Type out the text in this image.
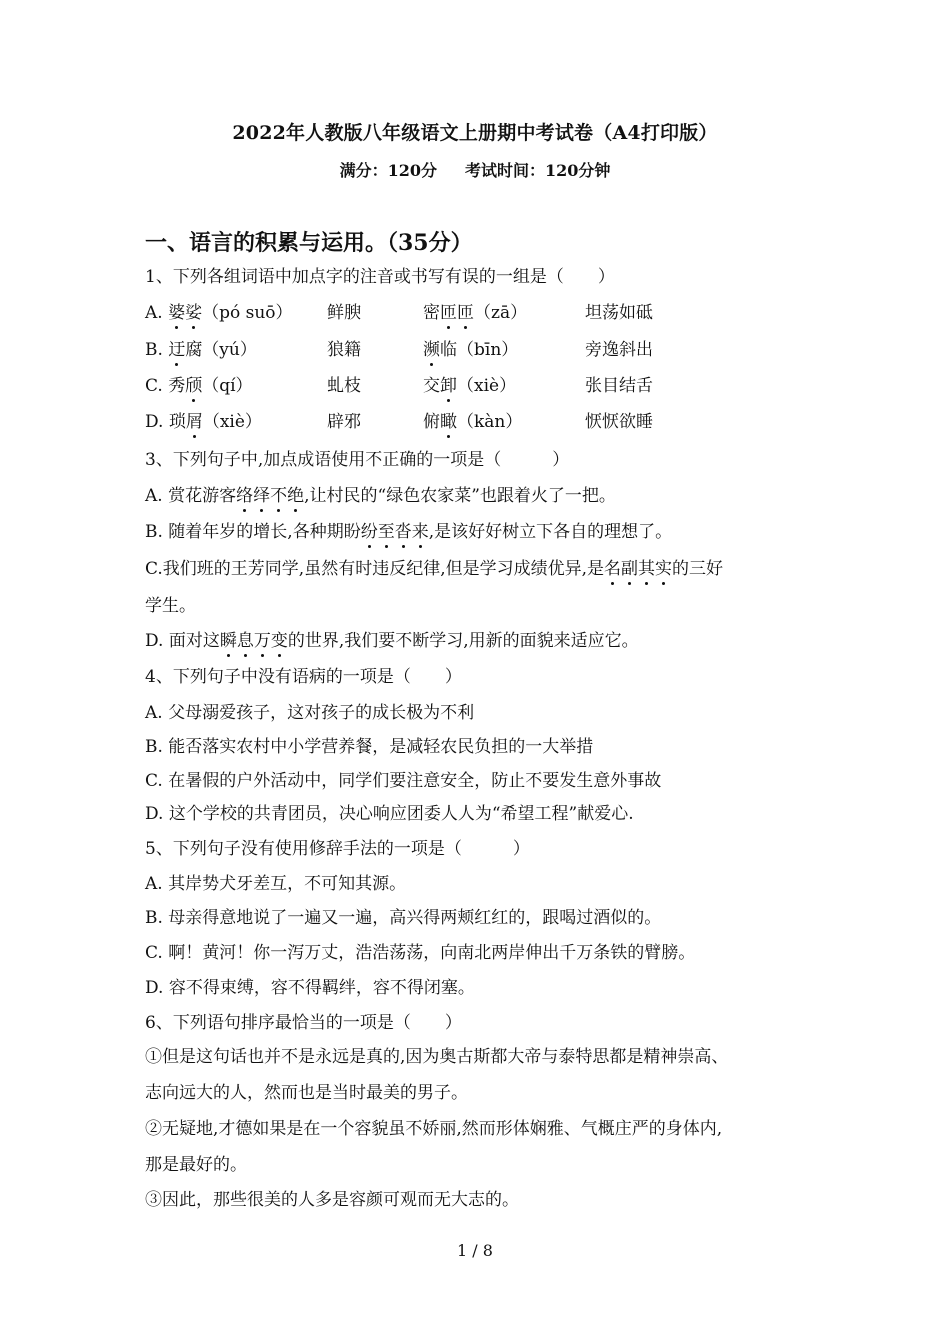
2022年人教版八年级语文上册期中考试卷（A4打印版）
满分：120分 考试时间：120分钟
一、语言的积累与运用。（35分）
1、下列各组词语中加点字的注音或书写有误的一组是（　　）
A. 婆娑（pó suō） 鲜腴	密匝匝（zā）	坦荡如砥
B. 迂腐（yú）	狼籍	濒临（bīn）	旁逸斜出
C. 秀颀（qí）	虬枝	交卸（xiè）	张目结舌
D. 琐屑（xiè）	辟邪	俯瞰（kàn）	恹恹欲睡
3、下列句子中,加点成语使用不正确的一项是（　　　）
A. 赏花游客络绎不绝,让村民的“绿色农家菜”也跟着火了一把。
B. 随着年岁的增长,各种期盼纷至沓来,是该好好树立下各自的理想了。
C.我们班的王芳同学,虽然有时违反纪律,但是学习成绩优异,是名副其实的三好
学生。
D. 面对这瞬息万变的世界,我们要不断学习,用新的面貌来适应它。
4、下列句子中没有语病的一项是（　　）
A. 父母溺爱孩子，这对孩子的成长极为不利
B. 能否落实农村中小学营养餐，是减轻农民负担的一大举措
C. 在暑假的户外活动中，同学们要注意安全，防止不要发生意外事故
D. 这个学校的共青团员，决心响应团委人人为“希望工程”献爱心.
5、下列句子没有使用修辞手法的一项是（　　　）
A. 其岸势犬牙差互，不可知其源。
B. 母亲得意地说了一遍又一遍，高兴得两颊红红的，跟喝过酒似的。
C. 啊！黄河！你一泻万丈，浩浩荡荡，向南北两岸伸出千万条铁的臂膀。
D. 容不得束缚，容不得羁绊，容不得闭塞。
6、下列语句排序最恰当的一项是（　　）
①但是这句话也并不是永远是真的,因为奥古斯都大帝与泰特思都是精神崇高、
志向远大的人，然而也是当时最美的男子。
②无疑地,才德如果是在一个容貌虽不娇丽,然而形体娴雅、气概庄严的身体内,
那是最好的。
③因此，那些很美的人多是容颜可观而无大志的。
1 / 8
